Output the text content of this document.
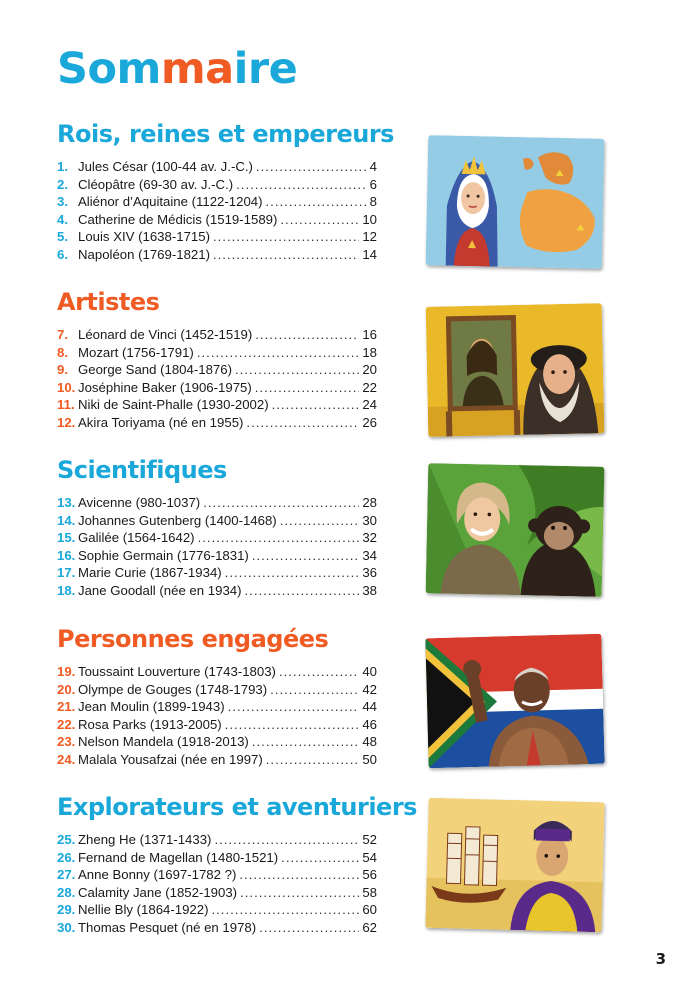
Sommaire
Rois, reines et empereurs
1. Jules César (100-44 av. J.-C.) .....	4
2. Cléopâtre (69-30 av. J.-C.) .....	6
3. Aliénor d’Aquitaine (1122-1204) .....	8
4. Catherine de Médicis (1519-1589) .....	10
5. Louis XIV (1638-1715) .....	12
6. Napoléon (1769-1821) .....	14
Artistes
7. Léonard de Vinci (1452-1519) .....	16
8. Mozart (1756-1791) .....	18
9. George Sand (1804-1876) .....	20
10. Joséphine Baker (1906-1975) .....	22
11. Niki de Saint-Phalle (1930-2002) .....	24
12. Akira Toriyama (né en 1955) .....	26
Scientifiques
13. Avicenne (980-1037) .....	28
14. Johannes Gutenberg (1400-1468) .....	30
15. Galilée (1564-1642) .....	32
16. Sophie Germain (1776-1831) .....	34
17. Marie Curie (1867-1934) .....	36
18. Jane Goodall (née en 1934) .....	38
Personnes engagées
19. Toussaint Louverture (1743-1803) .....	40
20. Olympe de Gouges (1748-1793) .....	42
21. Jean Moulin (1899-1943) .....	44
22. Rosa Parks (1913-2005) .....	46
23. Nelson Mandela (1918-2013) .....	48
24. Malala Yousafzai (née en 1997) .....	50
Explorateurs et aventuriers
25. Zheng He (1371-1433) .....	52
26. Fernand de Magellan (1480-1521) .....	54
27. Anne Bonny (1697-1782 ?) .....	56
28. Calamity Jane (1852-1903) .....	58
29. Nellie Bly (1864-1922) .....	60
30. Thomas Pesquet (né en 1978) .....	62
3
